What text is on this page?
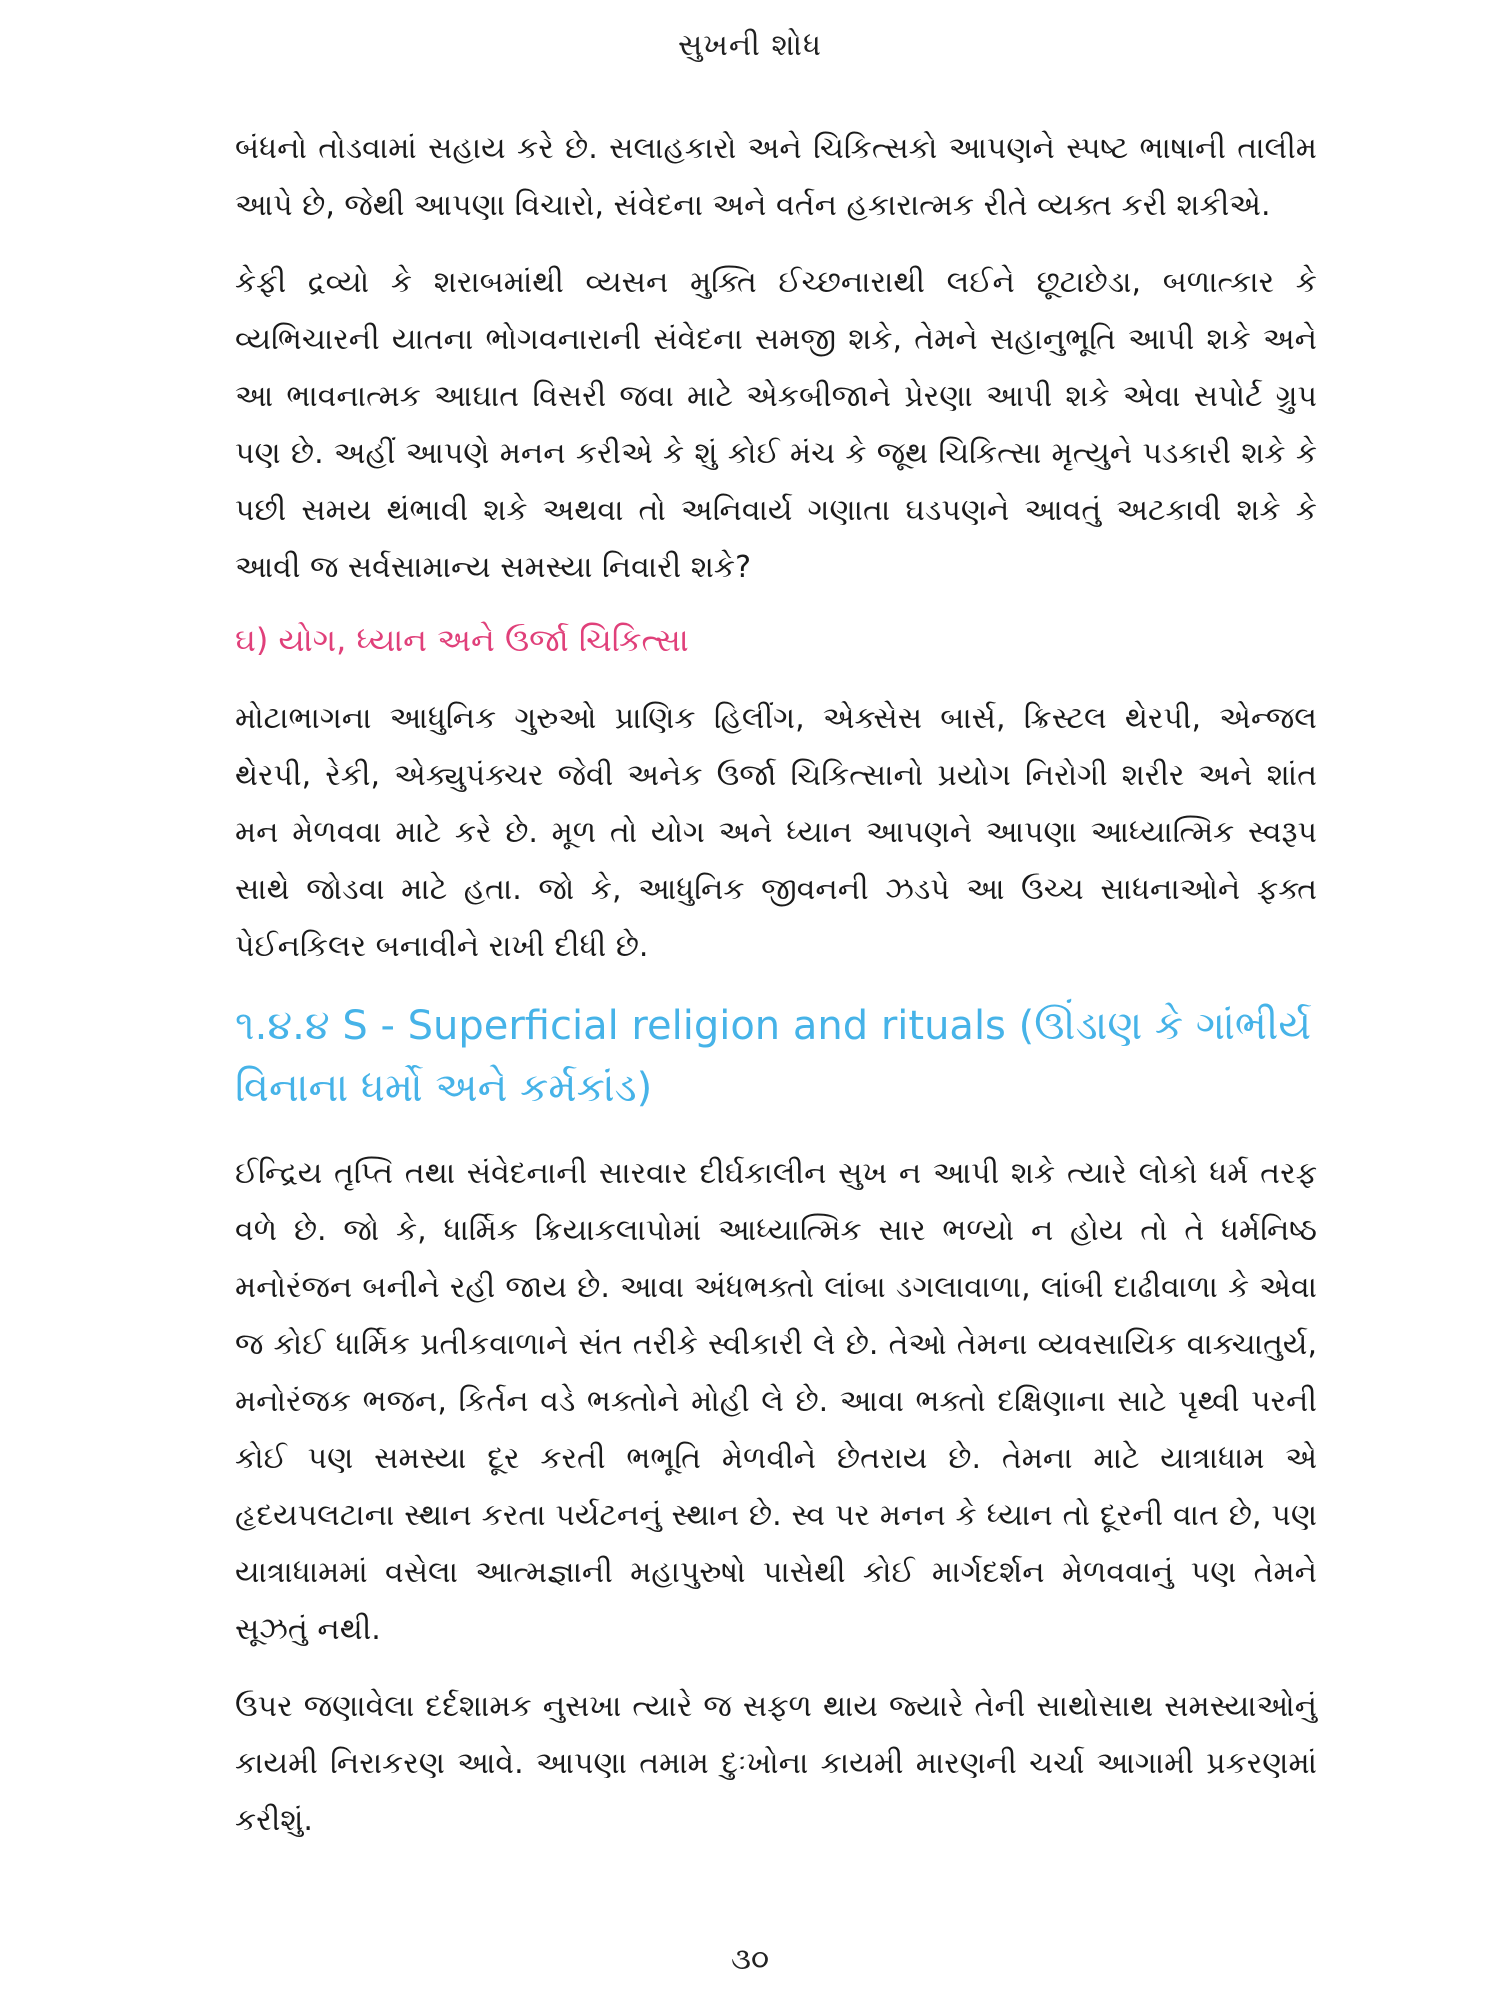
સુખની શોધ

બંધનો તોડવામાં સહાય કરે છે. સલાહકારો અને ચિકિત્સકો આપણને સ્પષ્ટ ભાષાની તાલીમ આપે છે, જેથી આપણા વિચારો, સંવેદના અને વર્તન હકારાત્મક રીતે વ્યક્ત કરી શકીએ.

કેફી દ્રવ્યો કે શરાબમાંથી વ્યસન મુક્તિ ઈચ્છનારાથી લઈને છૂટાછેડા, બળાત્કાર કે વ્યભિચારની યાતના ભોગવનારાની સંવેદના સમજી શકે, તેમને સહાનુભૂતિ આપી શકે અને આ ભાવનાત્મક આઘાત વિસરી જવા માટે એકબીજાને પ્રેરણા આપી શકે એવા સપોર્ટ ગ્રુપ પણ છે. અહીં આપણે મનન કરીએ કે શું કોઈ મંચ કે જૂથ ચિકિત્સા મૃત્યુને પડકારી શકે કે પછી સમય થંભાવી શકે અથવા તો અનિવાર્ય ગણાતા ઘડપણને આવતું અટકાવી શકે કે આવી જ સર્વસામાન્ય સમસ્યા નિવારી શકે?

ઘ) યોગ, ધ્યાન અને ઉર્જા ચિકિત્સા

મોટાભાગના આધુનિક ગુરુઓ પ્રાણિક હિલીંગ, એક્સેસ બાર્સ, ક્રિસ્ટલ થેરપી, એન્જલ થેરપી, રેકી, એક્યુપંક્ચર જેવી અનેક ઉર્જા ચિકિત્સાનો પ્રયોગ નિરોગી શરીર અને શાંત મન મેળવવા માટે કરે છે. મૂળ તો યોગ અને ધ્યાન આપણને આપણા આધ્યાત્મિક સ્વરૂપ સાથે જોડવા માટે હતા. જો કે, આધુનિક જીવનની ઝડપે આ ઉચ્ચ સાધનાઓને ફક્ત પેઈનકિલર બનાવીને રાખી દીધી છે.

૧.૪.૪ S - Superficial religion and rituals (ઊંડાણ કે ગાંભીર્ય વિનાના ધર્મો અને કર્મકાંડ)

ઈન્દ્રિય તૃપ્તિ તથા સંવેદનાની સારવાર દીર્ઘકાલીન સુખ ન આપી શકે ત્યારે લોકો ધર્મ તરફ વળે છે. જો કે, ધાર્મિક ક્રિયાકલાપોમાં આધ્યાત્મિક સાર ભળ્યો ન હોય તો તે ધર્મનિષ્ઠ મનોરંજન બનીને રહી જાય છે. આવા અંધભક્તો લાંબા ડગલાવાળા, લાંબી દાઢીવાળા કે એવા જ કોઈ ધાર્મિક પ્રતીકવાળાને સંત તરીકે સ્વીકારી લે છે. તેઓ તેમના વ્યવસાયિક વાક્ચાતુર્ય, મનોરંજક ભજન, કિર્તન વડે ભક્તોને મોહી લે છે. આવા ભક્તો દક્ષિણાના સાટે પૃથ્વી પરની કોઈ પણ સમસ્યા દૂર કરતી ભભૂતિ મેળવીને છેતરાય છે. તેમના માટે યાત્રાધામ એ હૃદયપલટાના સ્થાન કરતા પર્યટનનું સ્થાન છે. સ્વ પર મનન કે ધ્યાન તો દૂરની વાત છે, પણ યાત્રાધામમાં વસેલા આત્મજ્ઞાની મહાપુરુષો પાસેથી કોઈ માર્ગદર્શન મેળવવાનું પણ તેમને સૂઝતું નથી.

ઉપર જણાવેલા દર્દશામક નુસખા ત્યારે જ સફળ થાય જ્યારે તેની સાથોસાથ સમસ્યાઓનું કાયમી નિરાકરણ આવે. આપણા તમામ દુઃખોના કાયમી મારણની ચર્ચા આગામી પ્રકરણમાં કરીશું.

૩૦
